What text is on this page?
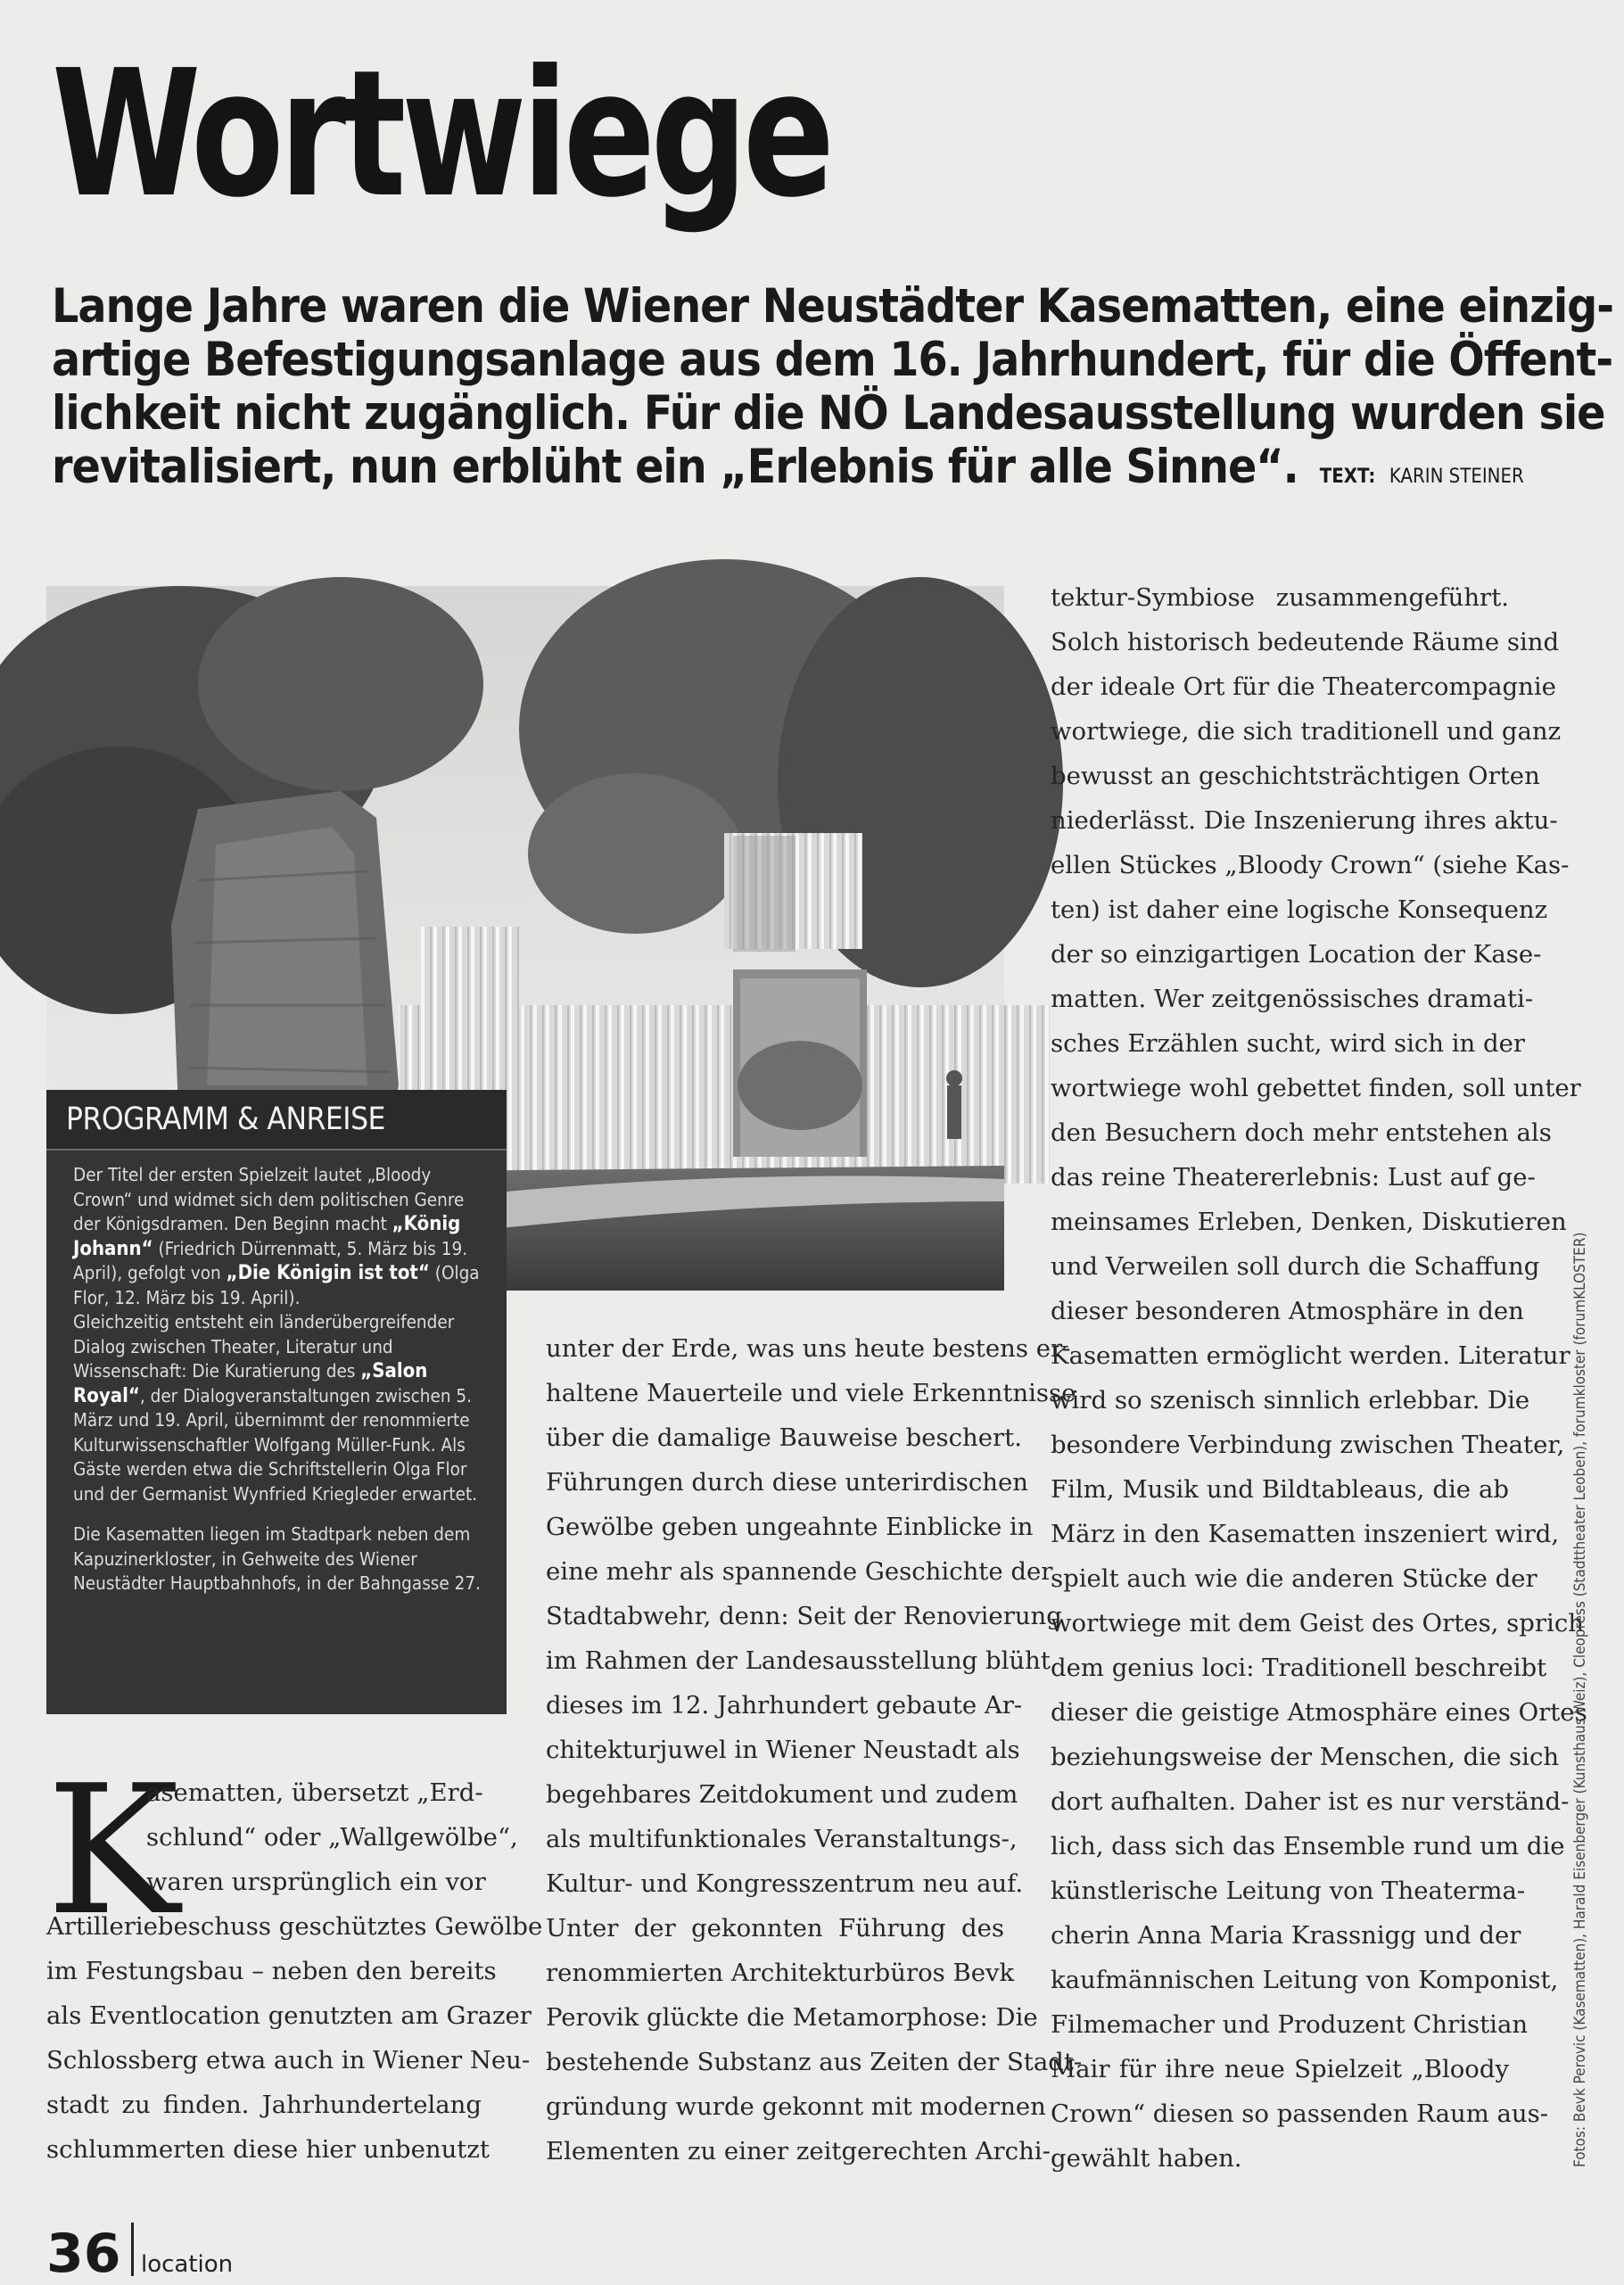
Wortwiege
Lange Jahre waren die Wiener Neustädter Kasematten, eine einzig-
artige Befestigungsanlage aus dem 16. Jahrhundert, für die Öffent-
lichkeit nicht zugänglich. Für die NÖ Landesausstellung wurden sie
revitalisiert, nun erblüht ein „Erlebnis für alle Sinne“. TEXT: KARIN STEINER
PROGRAMM & ANREISE

Der Titel der ersten Spielzeit lautet „Bloody Crown“ und widmet sich dem politischen Genre der Königsdramen. Den Beginn macht „König Johann“ (Friedrich Dürrenmatt, 5. März bis 19. April), gefolgt von „Die Königin ist tot“ (Olga Flor, 12. März bis 19. April).
Gleichzeitig entsteht ein länderübergreifender Dialog zwischen Theater, Literatur und Wissenschaft: Die Kuratierung des „Salon Royal“, der Dialogveranstaltungen zwischen 5. März und 19. April, übernimmt der renommierte Kulturwissenschaftler Wolfgang Müller-Funk. Als Gäste werden etwa die Schriftstellerin Olga Flor und der Germanist Wynfried Kriegleder erwartet.

Die Kasematten liegen im Stadtpark neben dem Kapuzinerkloster, in Gehweite des Wiener Neustädter Hauptbahnhofs, in der Bahngasse 27.

K
asematten, übersetzt „Erd-
schlund“ oder „Wallgewölbe“,
waren ursprünglich ein vor
Artilleriebeschuss geschütztes Gewölbe
im Festungsbau – neben den bereits
als Eventlocation genutzten am Grazer
Schlossberg etwa auch in Wiener Neu-
stadt zu finden. Jahrhundertelang
schlummerten diese hier unbenutzt
unter der Erde, was uns heute bestens er-
haltene Mauerteile und viele Erkenntnisse
über die damalige Bauweise beschert.
Führungen durch diese unterirdischen
Gewölbe geben ungeahnte Einblicke in
eine mehr als spannende Geschichte der
Stadtabwehr, denn: Seit der Renovierung
im Rahmen der Landesausstellung blüht
dieses im 12. Jahrhundert gebaute Ar-
chitekturjuwel in Wiener Neustadt als
begehbares Zeitdokument und zudem
als multifunktionales Veranstaltungs-,
Kultur- und Kongresszentrum neu auf.
Unter der gekonnten Führung des
renommierten Architekturbüros Bevk
Perovik glückte die Metamorphose: Die
bestehende Substanz aus Zeiten der Stadt-
gründung wurde gekonnt mit modernen
Elementen zu einer zeitgerechten Archi-
tektur-Symbiose zusammengeführt.
Solch historisch bedeutende Räume sind
der ideale Ort für die Theatercompagnie
wortwiege, die sich traditionell und ganz
bewusst an geschichtsträchtigen Orten
niederlässt. Die Inszenierung ihres aktu-
ellen Stückes „Bloody Crown“ (siehe Kas-
ten) ist daher eine logische Konsequenz
der so einzigartigen Location der Kase-
matten. Wer zeitgenössisches dramati-
sches Erzählen sucht, wird sich in der
wortwiege wohl gebettet finden, soll unter
den Besuchern doch mehr entstehen als
das reine Theatererlebnis: Lust auf ge-
meinsames Erleben, Denken, Diskutieren
und Verweilen soll durch die Schaffung
dieser besonderen Atmosphäre in den
Kasematten ermöglicht werden. Literatur
wird so szenisch sinnlich erlebbar. Die
besondere Verbindung zwischen Theater,
Film, Musik und Bildtableaus, die ab
März in den Kasematten inszeniert wird,
spielt auch wie die anderen Stücke der
wortwiege mit dem Geist des Ortes, sprich
dem genius loci: Traditionell beschreibt
dieser die geistige Atmosphäre eines Ortes
beziehungsweise der Menschen, die sich
dort aufhalten. Daher ist es nur verständ-
lich, dass sich das Ensemble rund um die
künstlerische Leitung von Theaterma-
cherin Anna Maria Krassnigg und der
kaufmännischen Leitung von Komponist,
Filmemacher und Produzent Christian
Mair für ihre neue Spielzeit „Bloody
Crown“ diesen so passenden Raum aus-
gewählt haben.	Fotos: Bevk Perovic (Kasematten), Harald Eisenberger (Kunsthaus Weiz), Cleopress (Stadttheater Leoben), forumkloster (forumKLOSTER)
36 location
